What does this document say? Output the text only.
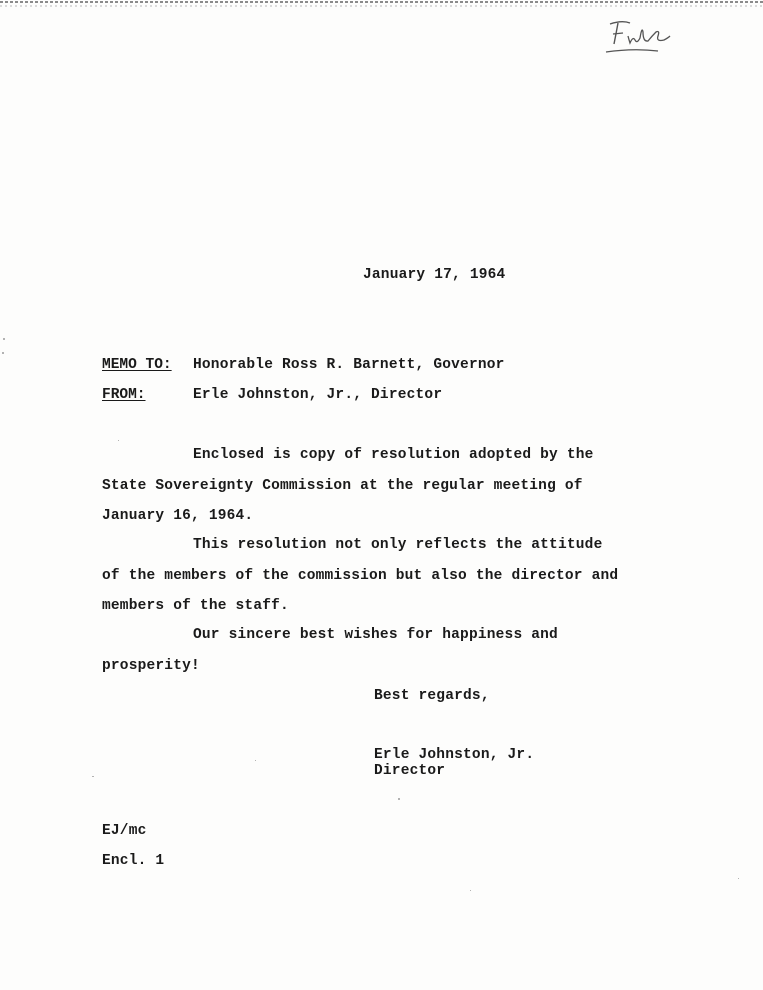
January 17, 1964
MEMO TO: Honorable Ross R. Barnett, Governor
FROM:	Erle Johnston, Jr., Director
Enclosed is copy of resolution adopted by the
State Sovereignty Commission at the regular meeting of
January 16, 1964.
This resolution not only reflects the attitude
of the members of the commission but also the director and
members of the staff.
Our sincere best wishes for happiness and
prosperity!
Best regards,
Erle Johnston, Jr.
Director
EJ/mc
Encl. 1
